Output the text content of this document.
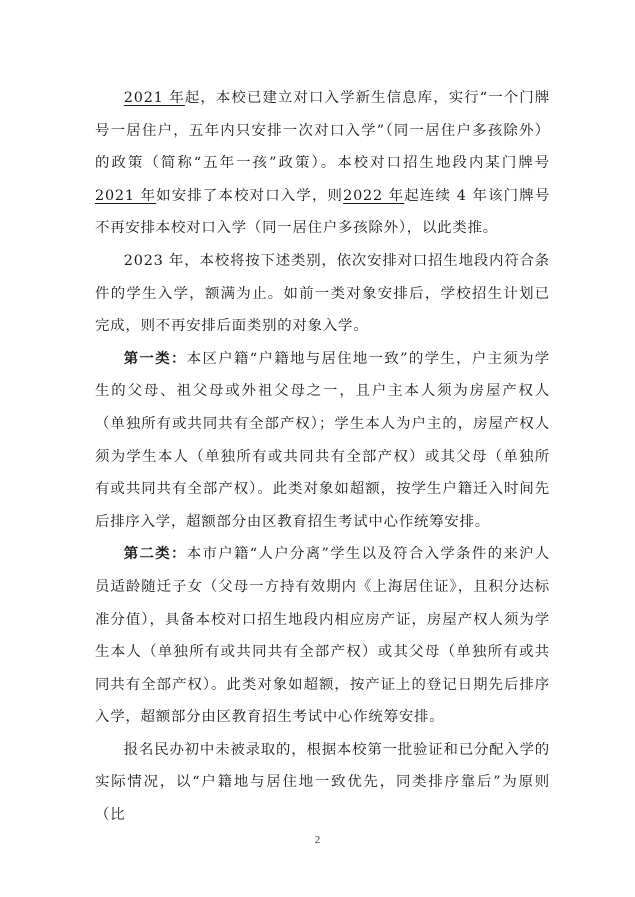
2021 年起，本校已建立对口入学新生信息库，实行“一个门牌号一居住户，五年内只安排一次对口入学”（同一居住户多孩除外）的政策（简称“五年一孩”政策）。本校对口招生地段内某门牌号2021 年如安排了本校对口入学，则2022 年起连续 4 年该门牌号不再安排本校对口入学（同一居住户多孩除外），以此类推。

2023 年，本校将按下述类别，依次安排对口招生地段内符合条件的学生入学，额满为止。如前一类对象安排后，学校招生计划已完成，则不再安排后面类别的对象入学。

第一类：本区户籍“户籍地与居住地一致”的学生，户主须为学生的父母、祖父母或外祖父母之一，且户主本人须为房屋产权人（单独所有或共同共有全部产权）；学生本人为户主的，房屋产权人须为学生本人（单独所有或共同共有全部产权）或其父母（单独所有或共同共有全部产权）。此类对象如超额，按学生户籍迁入时间先后排序入学，超额部分由区教育招生考试中心作统筹安排。

第二类：本市户籍“人户分离”学生以及符合入学条件的来沪人员适龄随迁子女（父母一方持有效期内《上海居住证》，且积分达标准分值），具备本校对口招生地段内相应房产证，房屋产权人须为学生本人（单独所有或共同共有全部产权）或其父母（单独所有或共同共有全部产权）。此类对象如超额，按产证上的登记日期先后排序入学，超额部分由区教育招生考试中心作统筹安排。

报名民办初中未被录取的，根据本校第一批验证和已分配入学的实际情况，以“户籍地与居住地一致优先，同类排序靠后”为原则（比

2
